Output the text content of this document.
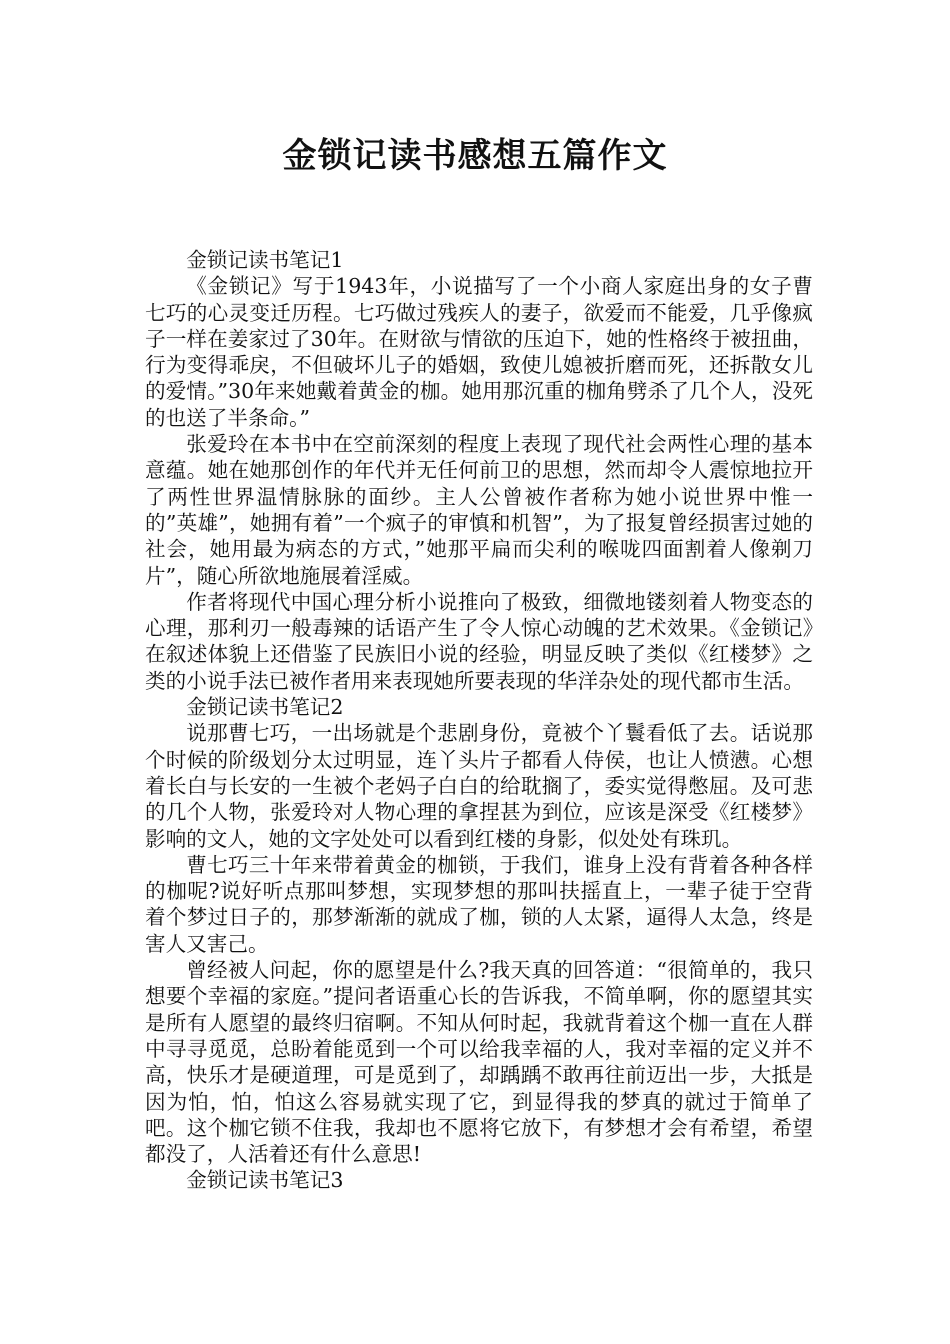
金锁记读书感想五篇作文

金锁记读书笔记1

《金锁记》写于1943年，小说描写了一个小商人家庭出身的女子曹七巧的心灵变迁历程。七巧做过残疾人的妻子，欲爱而不能爱，几乎像疯子一样在姜家过了30年。在财欲与情欲的压迫下，她的性格终于被扭曲，行为变得乖戾，不但破坏儿子的婚姻，致使儿媳被折磨而死，还拆散女儿的爱情。”30年来她戴着黄金的枷。她用那沉重的枷角劈杀了几个人，没死的也送了半条命。”

张爱玲在本书中在空前深刻的程度上表现了现代社会两性心理的基本意蕴。她在她那创作的年代并无任何前卫的思想，然而却令人震惊地拉开了两性世界温情脉脉的面纱。主人公曾被作者称为她小说世界中惟一的”英雄”，她拥有着”一个疯子的审慎和机智”，为了报复曾经损害过她的社会，她用最为病态的方式，”她那平扁而尖利的喉咙四面割着人像剃刀片”，随心所欲地施展着淫威。

作者将现代中国心理分析小说推向了极致，细微地镂刻着人物变态的心理，那利刃一般毒辣的话语产生了令人惊心动魄的艺术效果。《金锁记》在叙述体貌上还借鉴了民族旧小说的经验，明显反映了类似《红楼梦》之类的小说手法已被作者用来表现她所要表现的华洋杂处的现代都市生活。

金锁记读书笔记2

说那曹七巧，一出场就是个悲剧身份，竟被个丫鬟看低了去。话说那个时候的阶级划分太过明显，连丫头片子都看人侍侯，也让人愤懑。心想着长白与长安的一生被个老妈子白白的给耽搁了，委实觉得憋屈。及可悲的几个人物，张爱玲对人物心理的拿捏甚为到位，应该是深受《红楼梦》影响的文人，她的文字处处可以看到红楼的身影，似处处有珠玑。

曹七巧三十年来带着黄金的枷锁，于我们，谁身上没有背着各种各样的枷呢?说好听点那叫梦想，实现梦想的那叫扶摇直上，一辈子徒于空背着个梦过日子的，那梦渐渐的就成了枷，锁的人太紧，逼得人太急，终是害人又害己。

曾经被人问起，你的愿望是什么?我天真的回答道：“很简单的，我只想要个幸福的家庭。”提问者语重心长的告诉我，不简单啊，你的愿望其实是所有人愿望的最终归宿啊。不知从何时起，我就背着这个枷一直在人群中寻寻觅觅，总盼着能觅到一个可以给我幸福的人，我对幸福的定义并不高，快乐才是硬道理，可是觅到了，却踽踽不敢再往前迈出一步，大抵是因为怕，怕，怕这么容易就实现了它，到显得我的梦真的就过于简单了吧。这个枷它锁不住我，我却也不愿将它放下，有梦想才会有希望，希望都没了，人活着还有什么意思!

金锁记读书笔记3
